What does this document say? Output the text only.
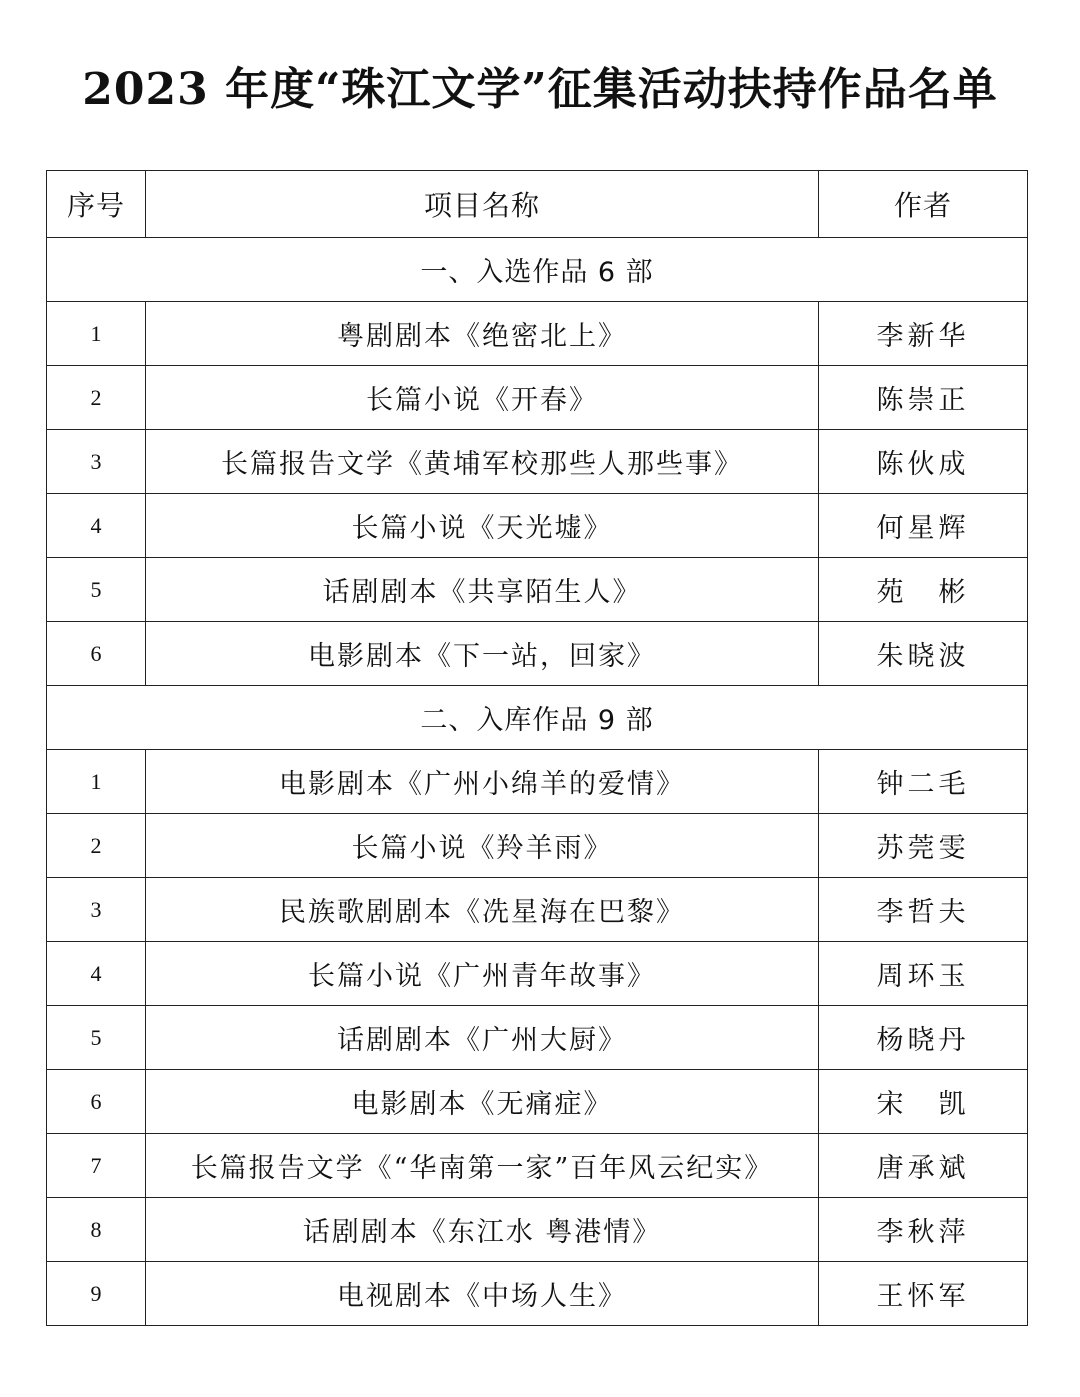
2023 年度“珠江文学”征集活动扶持作品名单
序号	项目名称	作者
一、入选作品 6 部		
1	粤剧剧本《绝密北上》	李新华
2	长篇小说《开春》	陈崇正
3	长篇报告文学《黄埔军校那些人那些事》	陈伙成
4	长篇小说《天光墟》	何星辉
5	话剧剧本《共享陌生人》	苑　彬
6	电影剧本《下一站，回家》	朱晓波
二、入库作品 9 部		
1	电影剧本《广州小绵羊的爱情》	钟二毛
2	长篇小说《羚羊雨》	苏莞雯
3	民族歌剧剧本《冼星海在巴黎》	李哲夫
4	长篇小说《广州青年故事》	周环玉
5	话剧剧本《广州大厨》	杨晓丹
6	电影剧本《无痛症》	宋　凯
7	长篇报告文学《“华南第一家”百年风云纪实》	唐承斌
8	话剧剧本《东江水 粤港情》	李秋萍
9	电视剧本《中场人生》	王怀军
